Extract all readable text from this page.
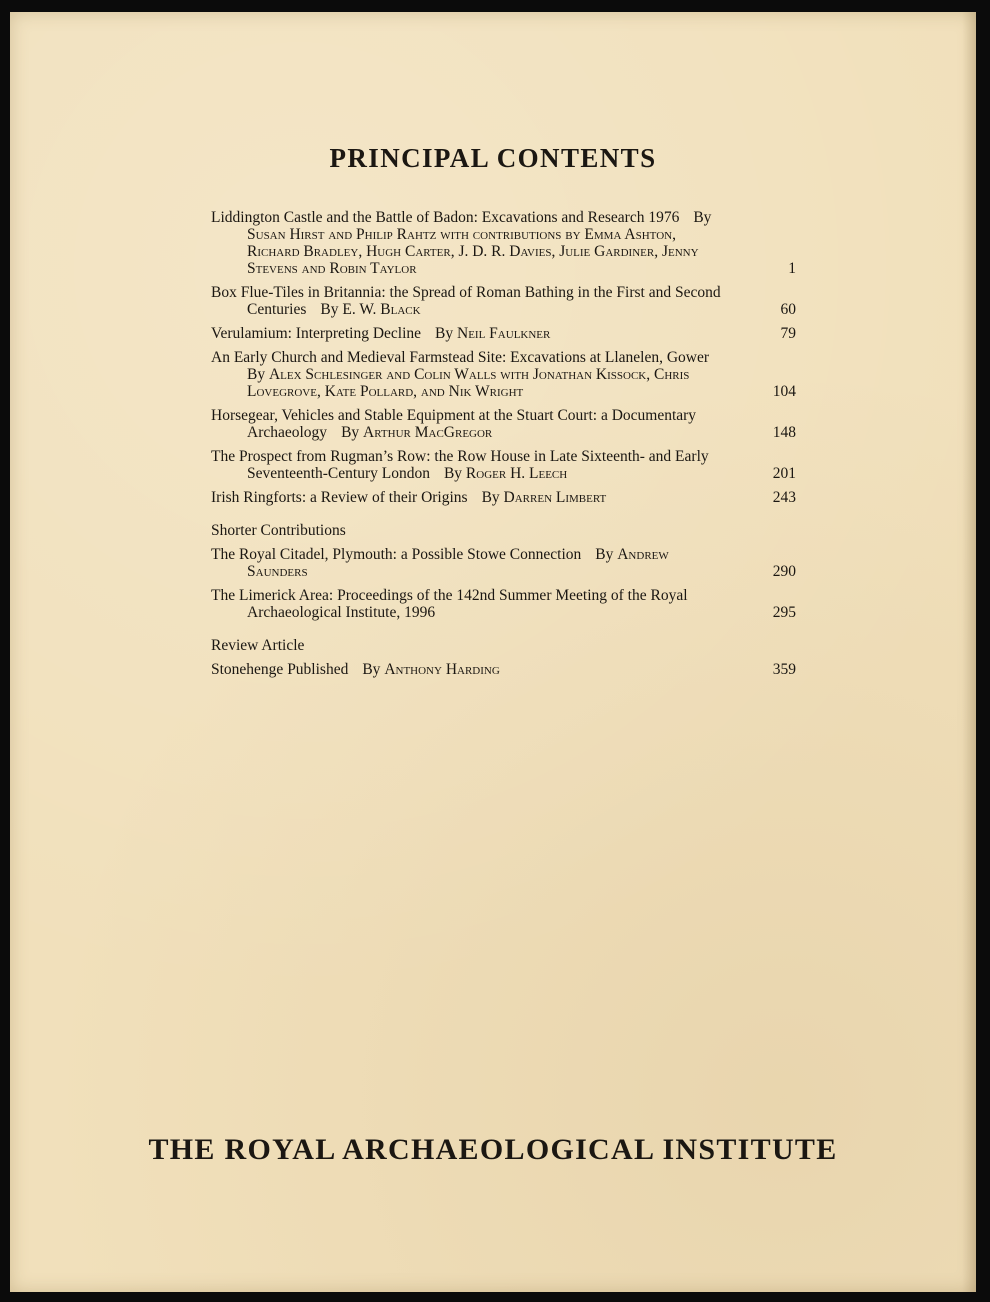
PRINCIPAL CONTENTS
Liddington Castle and the Battle of Badon: Excavations and Research 1976 By Susan Hirst and Philip Rahtz with contributions by Emma Ashton, Richard Bradley, Hugh Carter, J. D. R. Davies, Julie Gardiner, Jenny Stevens and Robin Taylor	1
Box Flue-Tiles in Britannia: the Spread of Roman Bathing in the First and Second Centuries By E. W. Black	60
Verulamium: Interpreting Decline By Neil Faulkner	79
An Early Church and Medieval Farmstead Site: Excavations at Llanelen, GowerBy Alex Schlesinger and Colin Walls with Jonathan Kissock, Chris Lovegrove, Kate Pollard, and Nik Wright	104
Horsegear, Vehicles and Stable Equipment at the Stuart Court: a Documentary Archaeology By Arthur MacGregor	148
The Prospect from Rugman’s Row: the Row House in Late Sixteenth- and Early Seventeenth-Century London By Roger H. Leech	201
Irish Ringforts: a Review of their Origins By Darren Limbert	243
Shorter Contributions
The Royal Citadel, Plymouth: a Possible Stowe Connection By Andrew Saunders	290
The Limerick Area: Proceedings of the 142nd Summer Meeting of the Royal Archaeological Institute, 1996	295
Review Article
Stonehenge Published By Anthony Harding	359
THE ROYAL ARCHAEOLOGICAL INSTITUTE
